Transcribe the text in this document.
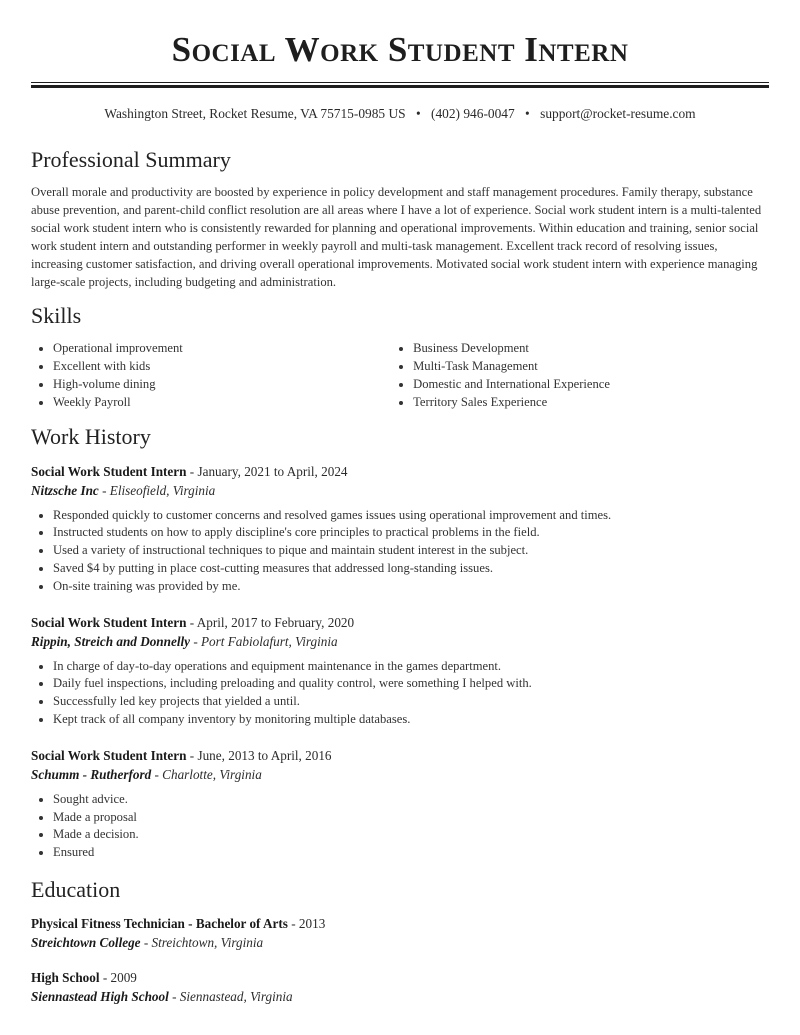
Social Work Student Intern
Washington Street, Rocket Resume, VA 75715-0985 US • (402) 946-0047 • support@rocket-resume.com
Professional Summary

Overall morale and productivity are boosted by experience in policy development and staff management procedures. Family therapy, substance abuse prevention, and parent-child conflict resolution are all areas where I have a lot of experience. Social work student intern is a multi-talented social work student intern who is consistently rewarded for planning and operational improvements. Within education and training, senior social work student intern and outstanding performer in weekly payroll and multi-task management. Excellent track record of resolving issues, increasing customer satisfaction, and driving overall operational improvements. Motivated social work student intern with experience managing large-scale projects, including budgeting and administration.

Skills
• Operational improvement
• Excellent with kids
• High-volume dining
• Weekly Payroll
• Business Development
• Multi-Task Management
• Domestic and International Experience
• Territory Sales Experience
Work History
Social Work Student Intern - January, 2021 to April, 2024
Nitzsche Inc - Eliseofield, Virginia
• Responded quickly to customer concerns and resolved games issues using operational improvement and times.
• Instructed students on how to apply discipline's core principles to practical problems in the field.
• Used a variety of instructional techniques to pique and maintain student interest in the subject.
• Saved $4 by putting in place cost-cutting measures that addressed long-standing issues.
• On-site training was provided by me.
Social Work Student Intern - April, 2017 to February, 2020
Rippin, Streich and Donnelly - Port Fabiolafurt, Virginia
• In charge of day-to-day operations and equipment maintenance in the games department.
• Daily fuel inspections, including preloading and quality control, were something I helped with.
• Successfully led key projects that yielded a until.
• Kept track of all company inventory by monitoring multiple databases.
Social Work Student Intern - June, 2013 to April, 2016
Schumm - Rutherford - Charlotte, Virginia
• Sought advice.
• Made a proposal
• Made a decision.
• Ensured
Education
Physical Fitness Technician - Bachelor of Arts - 2013
Streichtown College - Streichtown, Virginia
High School - 2009
Siennastead High School - Siennastead, Virginia
